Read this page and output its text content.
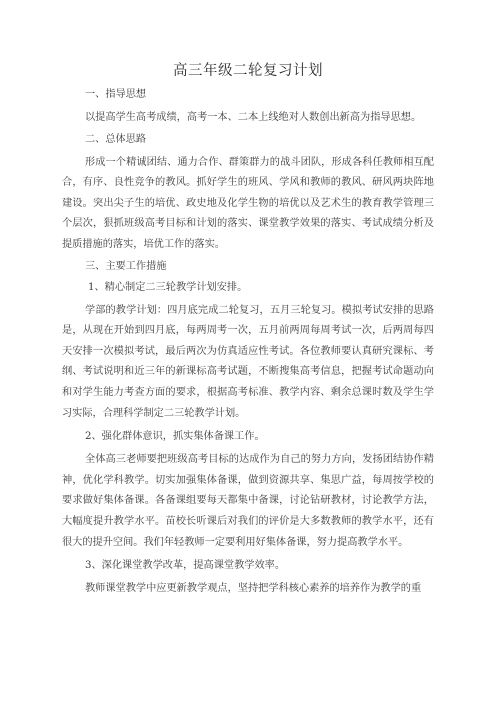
高三年级二轮复习计划
一、指导思想

以提高学生高考成绩，高考一本、二本上线绝对人数创出新高为指导思想。

二、总体思路

形成一个精诚团结、通力合作、群策群力的战斗团队，形成各科任教师相互配合，有序、良性竞争的教风。抓好学生的班风、学风和教师的教风、研风两块阵地建设。突出尖子生的培优、政史地及化学生物的培优以及艺术生的教育教学管理三个层次，狠抓班级高考目标和计划的落实、课堂教学效果的落实、考试成绩分析及提质措施的落实，培优工作的落实。

三、主要工作措施
1、精心制定二三轮教学计划安排。

学部的教学计划：四月底完成二轮复习，五月三轮复习。模拟考试安排的思路是，从现在开始到四月底，每两周考一次，五月前两周每周考试一次，后两周每四天安排一次模拟考试，最后两次为仿真适应性考试。各位教师要认真研究课标、考纲、考试说明和近三年的新课标高考试题，不断搜集高考信息，把握考试命题动向和对学生能力考查方面的要求，根据高考标准、教学内容、剩余总课时数及学生学习实际，合理科学制定二三轮教学计划。

2、强化群体意识，抓实集体备课工作。

全体高三老师要把班级高考目标的达成作为自己的努力方向，发扬团结协作精神，优化学科教学。切实加强集体备课，做到资源共享、集思广益，每周按学校的要求做好集体备课。各备课组要每天都集中备课，讨论钻研教材，讨论教学方法，大幅度提升教学水平。苗校长听课后对我们的评价是大多数教师的教学水平，还有很大的提升空间。我们年轻教师一定要利用好集体备课，努力提高教学水平。

3、深化课堂教学改革，提高课堂教学效率。

教师课堂教学中应更新教学观点，坚持把学科核心素养的培养作为教学的重
